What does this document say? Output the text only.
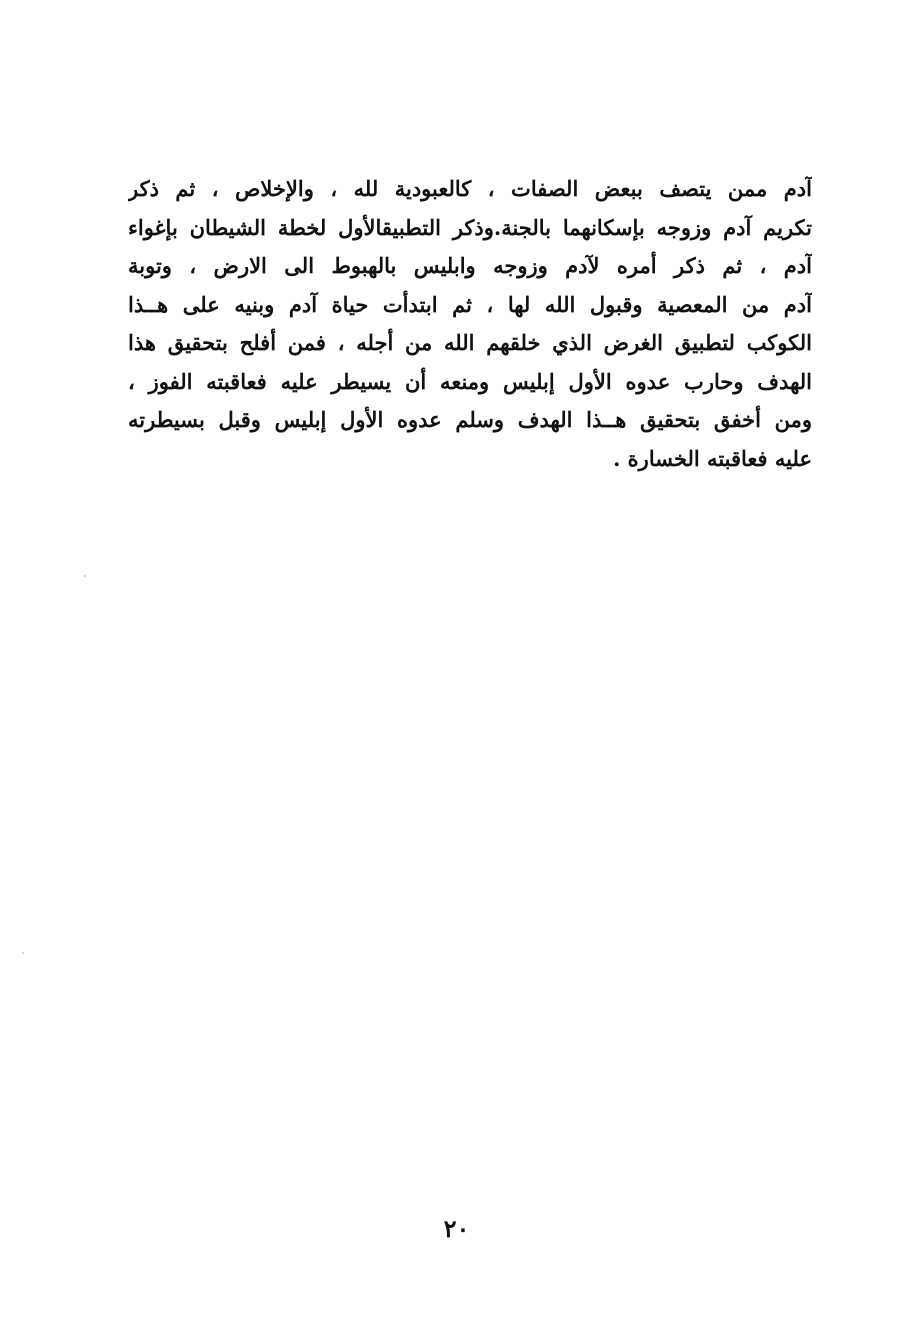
آدم ممن يتصف ببعض الصفات ، كالعبودية لله ، والإخلاص ، ثم ذكر
تكريم آدم وزوجه بإسكانهما بالجنة.وذكر التطبيقالأول لخطة الشيطان بإغواء
آدم ، ثم ذكر أمره لآدم وزوجه وابليس بالهبوط الى الارض ، وتوبة
آدم من المعصية وقبول الله لها ، ثم ابتدأت حياة آدم وبنيه على هــذا
الكوكب لتطبيق الغرض الذي خلقهم الله من أجله ، فمن أفلح بتحقيق هذا
الهدف وحارب عدوه الأول إبليس ومنعه أن يسيطر عليه فعاقبته الفوز ،
ومن أخفق بتحقيق هــذا الهدف وسلم عدوه الأول إبليس وقبل بسيطرته
عليه فعاقبته الخسارة .
٢٠
